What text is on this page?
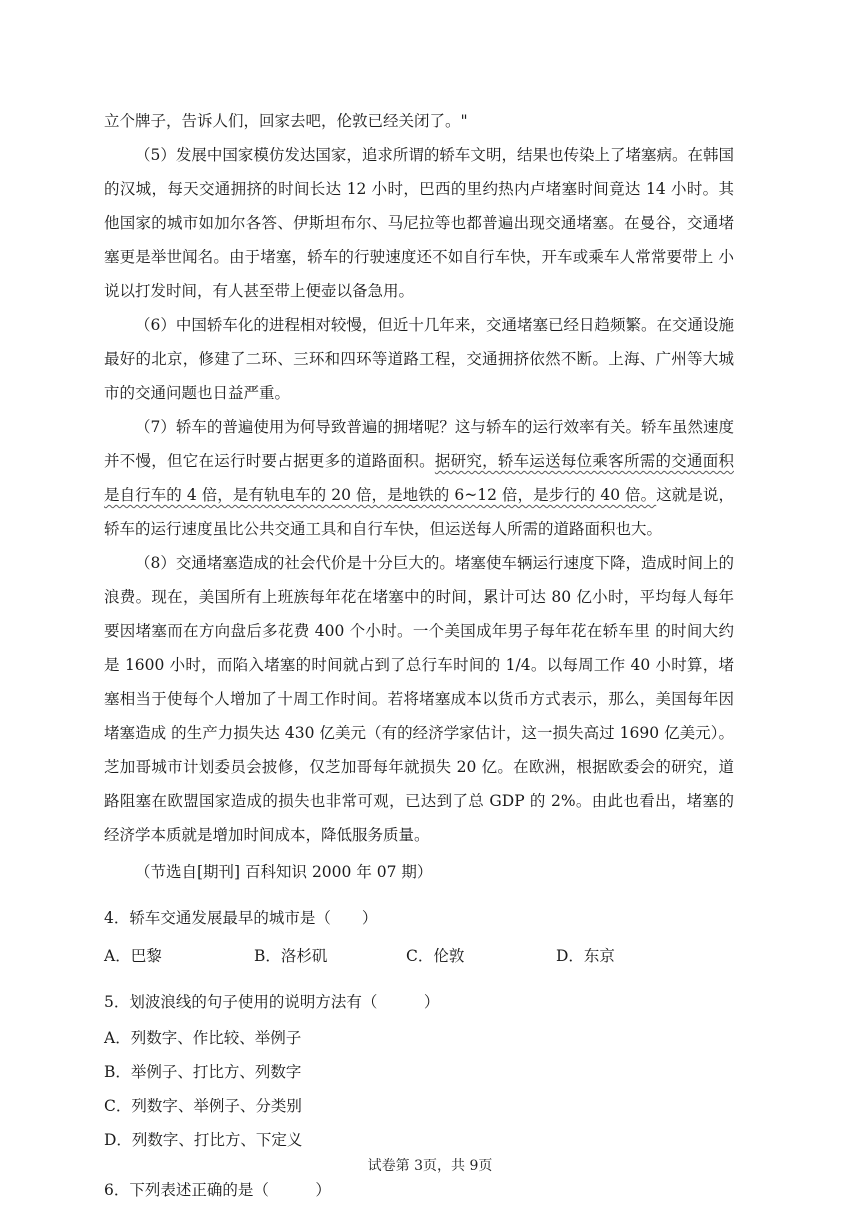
立个牌子，告诉人们，回家去吧，伦敦已经关闭了。"

（5）发展中国家模仿发达国家，追求所谓的轿车文明，结果也传染上了堵塞病。在韩国的汉城，每天交通拥挤的时间长达 12 小时，巴西的里约热内卢堵塞时间竟达 14 小时。其他国家的城市如加尔各答、伊斯坦布尔、马尼拉等也都普遍出现交通堵塞。在曼谷，交通堵塞更是举世闻名。由于堵塞，轿车的行驶速度还不如自行车快，开车或乘车人常常要带上 小说以打发时间，有人甚至带上便壶以备急用。

（6）中国轿车化的进程相对较慢，但近十几年来，交通堵塞已经日趋频繁。在交通设施最好的北京，修建了二环、三环和四环等道路工程，交通拥挤依然不断。上海、广州等大城市的交通问题也日益严重。

（7）轿车的普遍使用为何导致普遍的拥堵呢？这与轿车的运行效率有关。轿车虽然速度并不慢，但它在运行时要占据更多的道路面积。据研究，轿车运送每位乘客所需的交通面积是自行车的 4 倍，是有轨电车的 20 倍，是地铁的 6~12 倍，是步行的 40 倍。这就是说，轿车的运行速度虽比公共交通工具和自行车快，但运送每人所需的道路面积也大。

（8）交通堵塞造成的社会代价是十分巨大的。堵塞使车辆运行速度下降，造成时间上的浪费。现在，美国所有上班族每年花在堵塞中的时间，累计可达 80 亿小时，平均每人每年要因堵塞而在方向盘后多花费 400 个小时。一个美国成年男子每年花在轿车里 的时间大约是 1600 小时，而陷入堵塞的时间就占到了总行车时间的 1/4。以每周工作 40 小时算，堵塞相当于使每个人增加了十周工作时间。若将堵塞成本以货币方式表示，那么，美国每年因堵塞造成 的生产力损失达 430 亿美元（有的经济学家估计，这一损失高过 1690 亿美元）。芝加哥城市计划委员会披修，仅芝加哥每年就损失 20 亿。在欧洲，根据欧委会的研究，道路阻塞在欧盟国家造成的损失也非常可观，已达到了总 GDP 的 2%。由此也看出，堵塞的经济学本质就是增加时间成本，降低服务质量。

（节选自[期刊] 百科知识 2000 年 07 期）

4．轿车交通发展最早的城市是（　　）

A．巴黎	B．洛杉矶	C．伦敦	D．东京

5．划波浪线的句子使用的说明方法有（　　　）

A．列数字、作比较、举例子
B．举例子、打比方、列数字
C．列数字、举例子、分类别
D．列数字、打比方、下定义

6．下列表述正确的是（　　　）

试卷第 3页，共 9页
